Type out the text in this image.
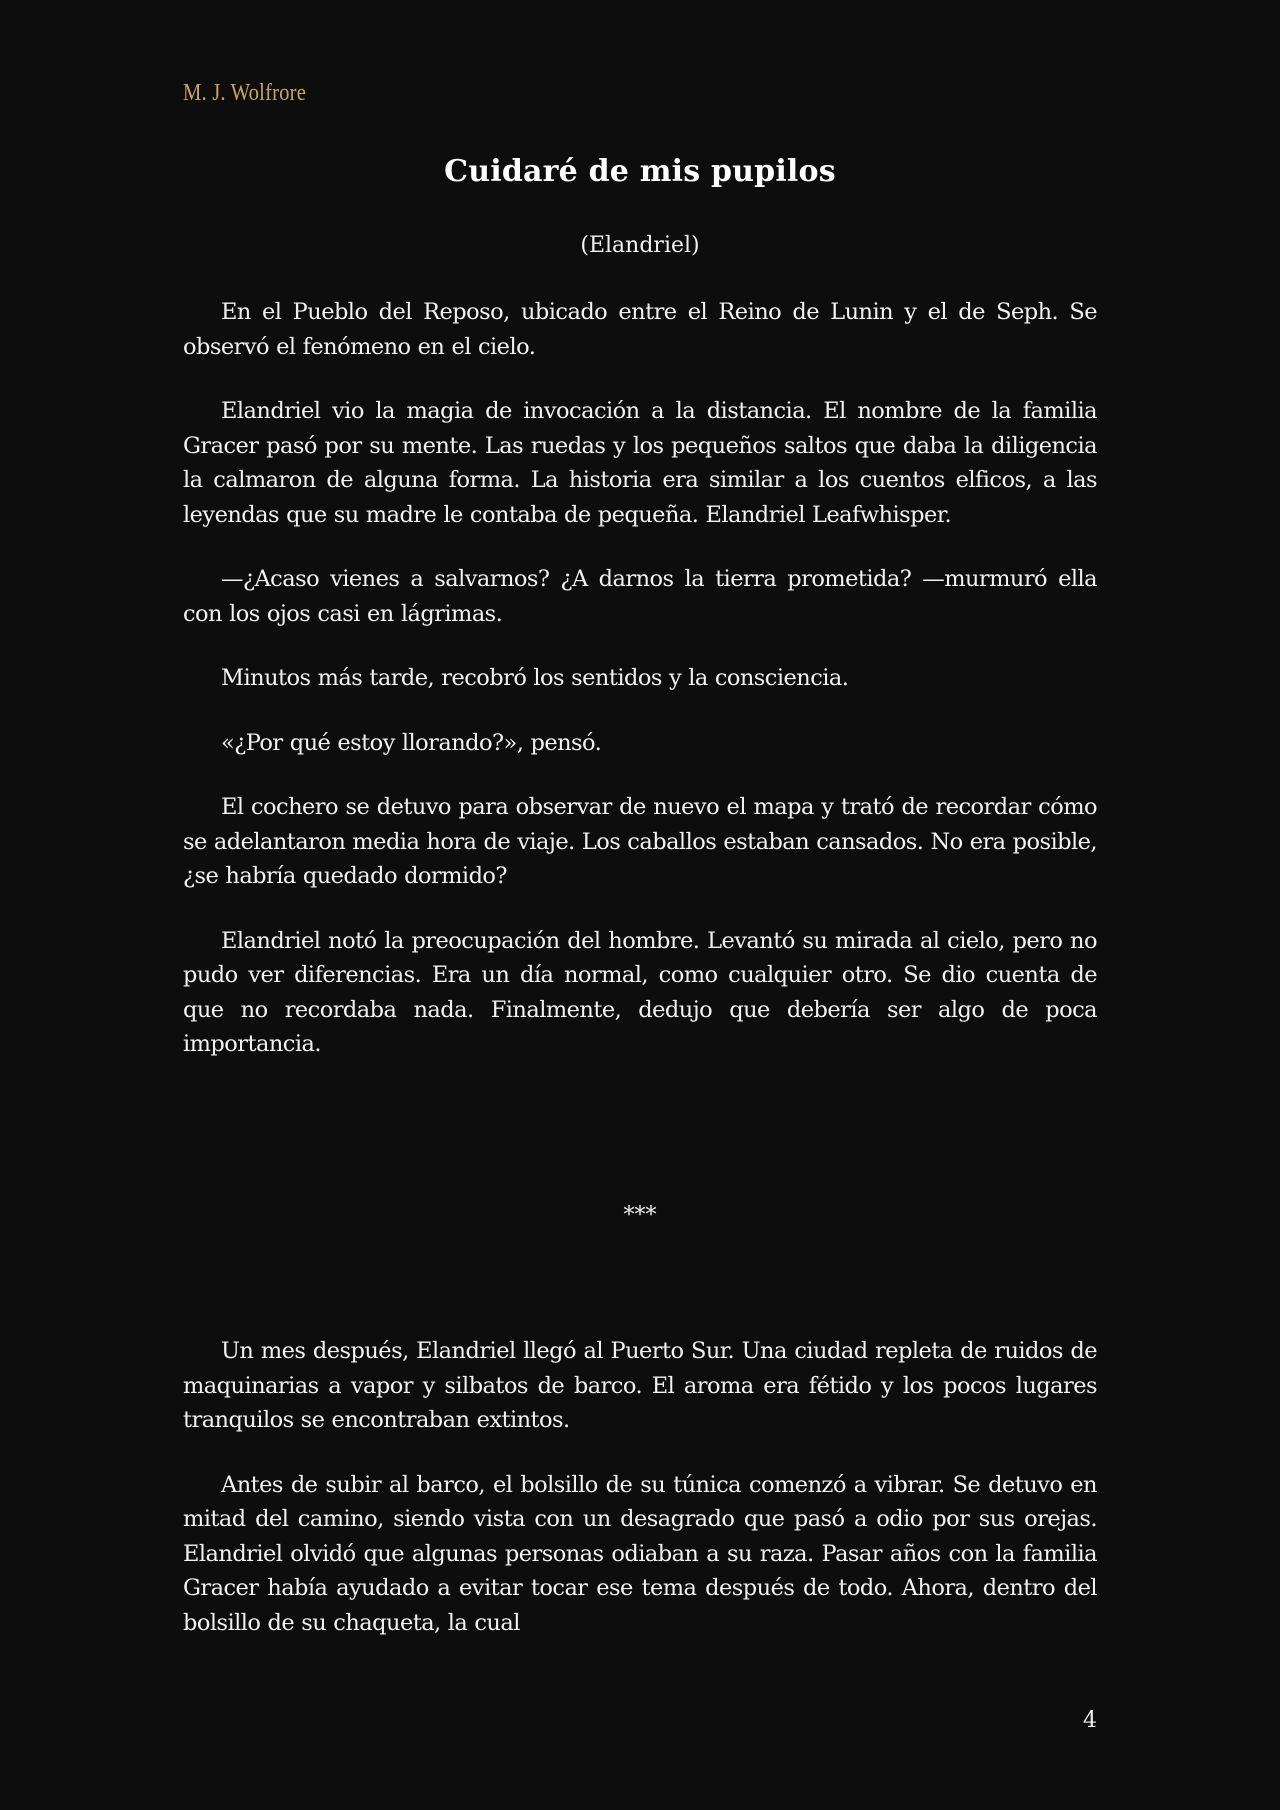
M. J. Wolfrore
Cuidaré de mis pupilos
(Elandriel)

En el Pueblo del Reposo, ubicado entre el Reino de Lunin y el de Seph. Se observó el fenómeno en el cielo.

Elandriel vio la magia de invocación a la distancia. El nombre de la familia Gracer pasó por su mente. Las ruedas y los pequeños saltos que daba la diligencia la calmaron de alguna forma. La historia era similar a los cuentos elficos, a las leyendas que su madre le contaba de pequeña. Elandriel Leafwhisper.

—¿Acaso vienes a salvarnos? ¿A darnos la tierra prometida? —murmuró ella con los ojos casi en lágrimas.

Minutos más tarde, recobró los sentidos y la consciencia.

«¿Por qué estoy llorando?», pensó.

El cochero se detuvo para observar de nuevo el mapa y trató de recordar cómo se adelantaron media hora de viaje. Los caballos estaban cansados. No era posible, ¿se habría quedado dormido?

Elandriel notó la preocupación del hombre. Levantó su mirada al cielo, pero no pudo ver diferencias. Era un día normal, como cualquier otro. Se dio cuenta de que no recordaba nada. Finalmente, dedujo que debería ser algo de poca importancia.

***

Un mes después, Elandriel llegó al Puerto Sur. Una ciudad repleta de ruidos de maquinarias a vapor y silbatos de barco. El aroma era fétido y los pocos lugares tranquilos se encontraban extintos.

Antes de subir al barco, el bolsillo de su túnica comenzó a vibrar. Se detuvo en mitad del camino, siendo vista con un desagrado que pasó a odio por sus orejas. Elandriel olvidó que algunas personas odiaban a su raza. Pasar años con la familia Gracer había ayudado a evitar tocar ese tema después de todo. Ahora, dentro del bolsillo de su chaqueta, la cual

4
